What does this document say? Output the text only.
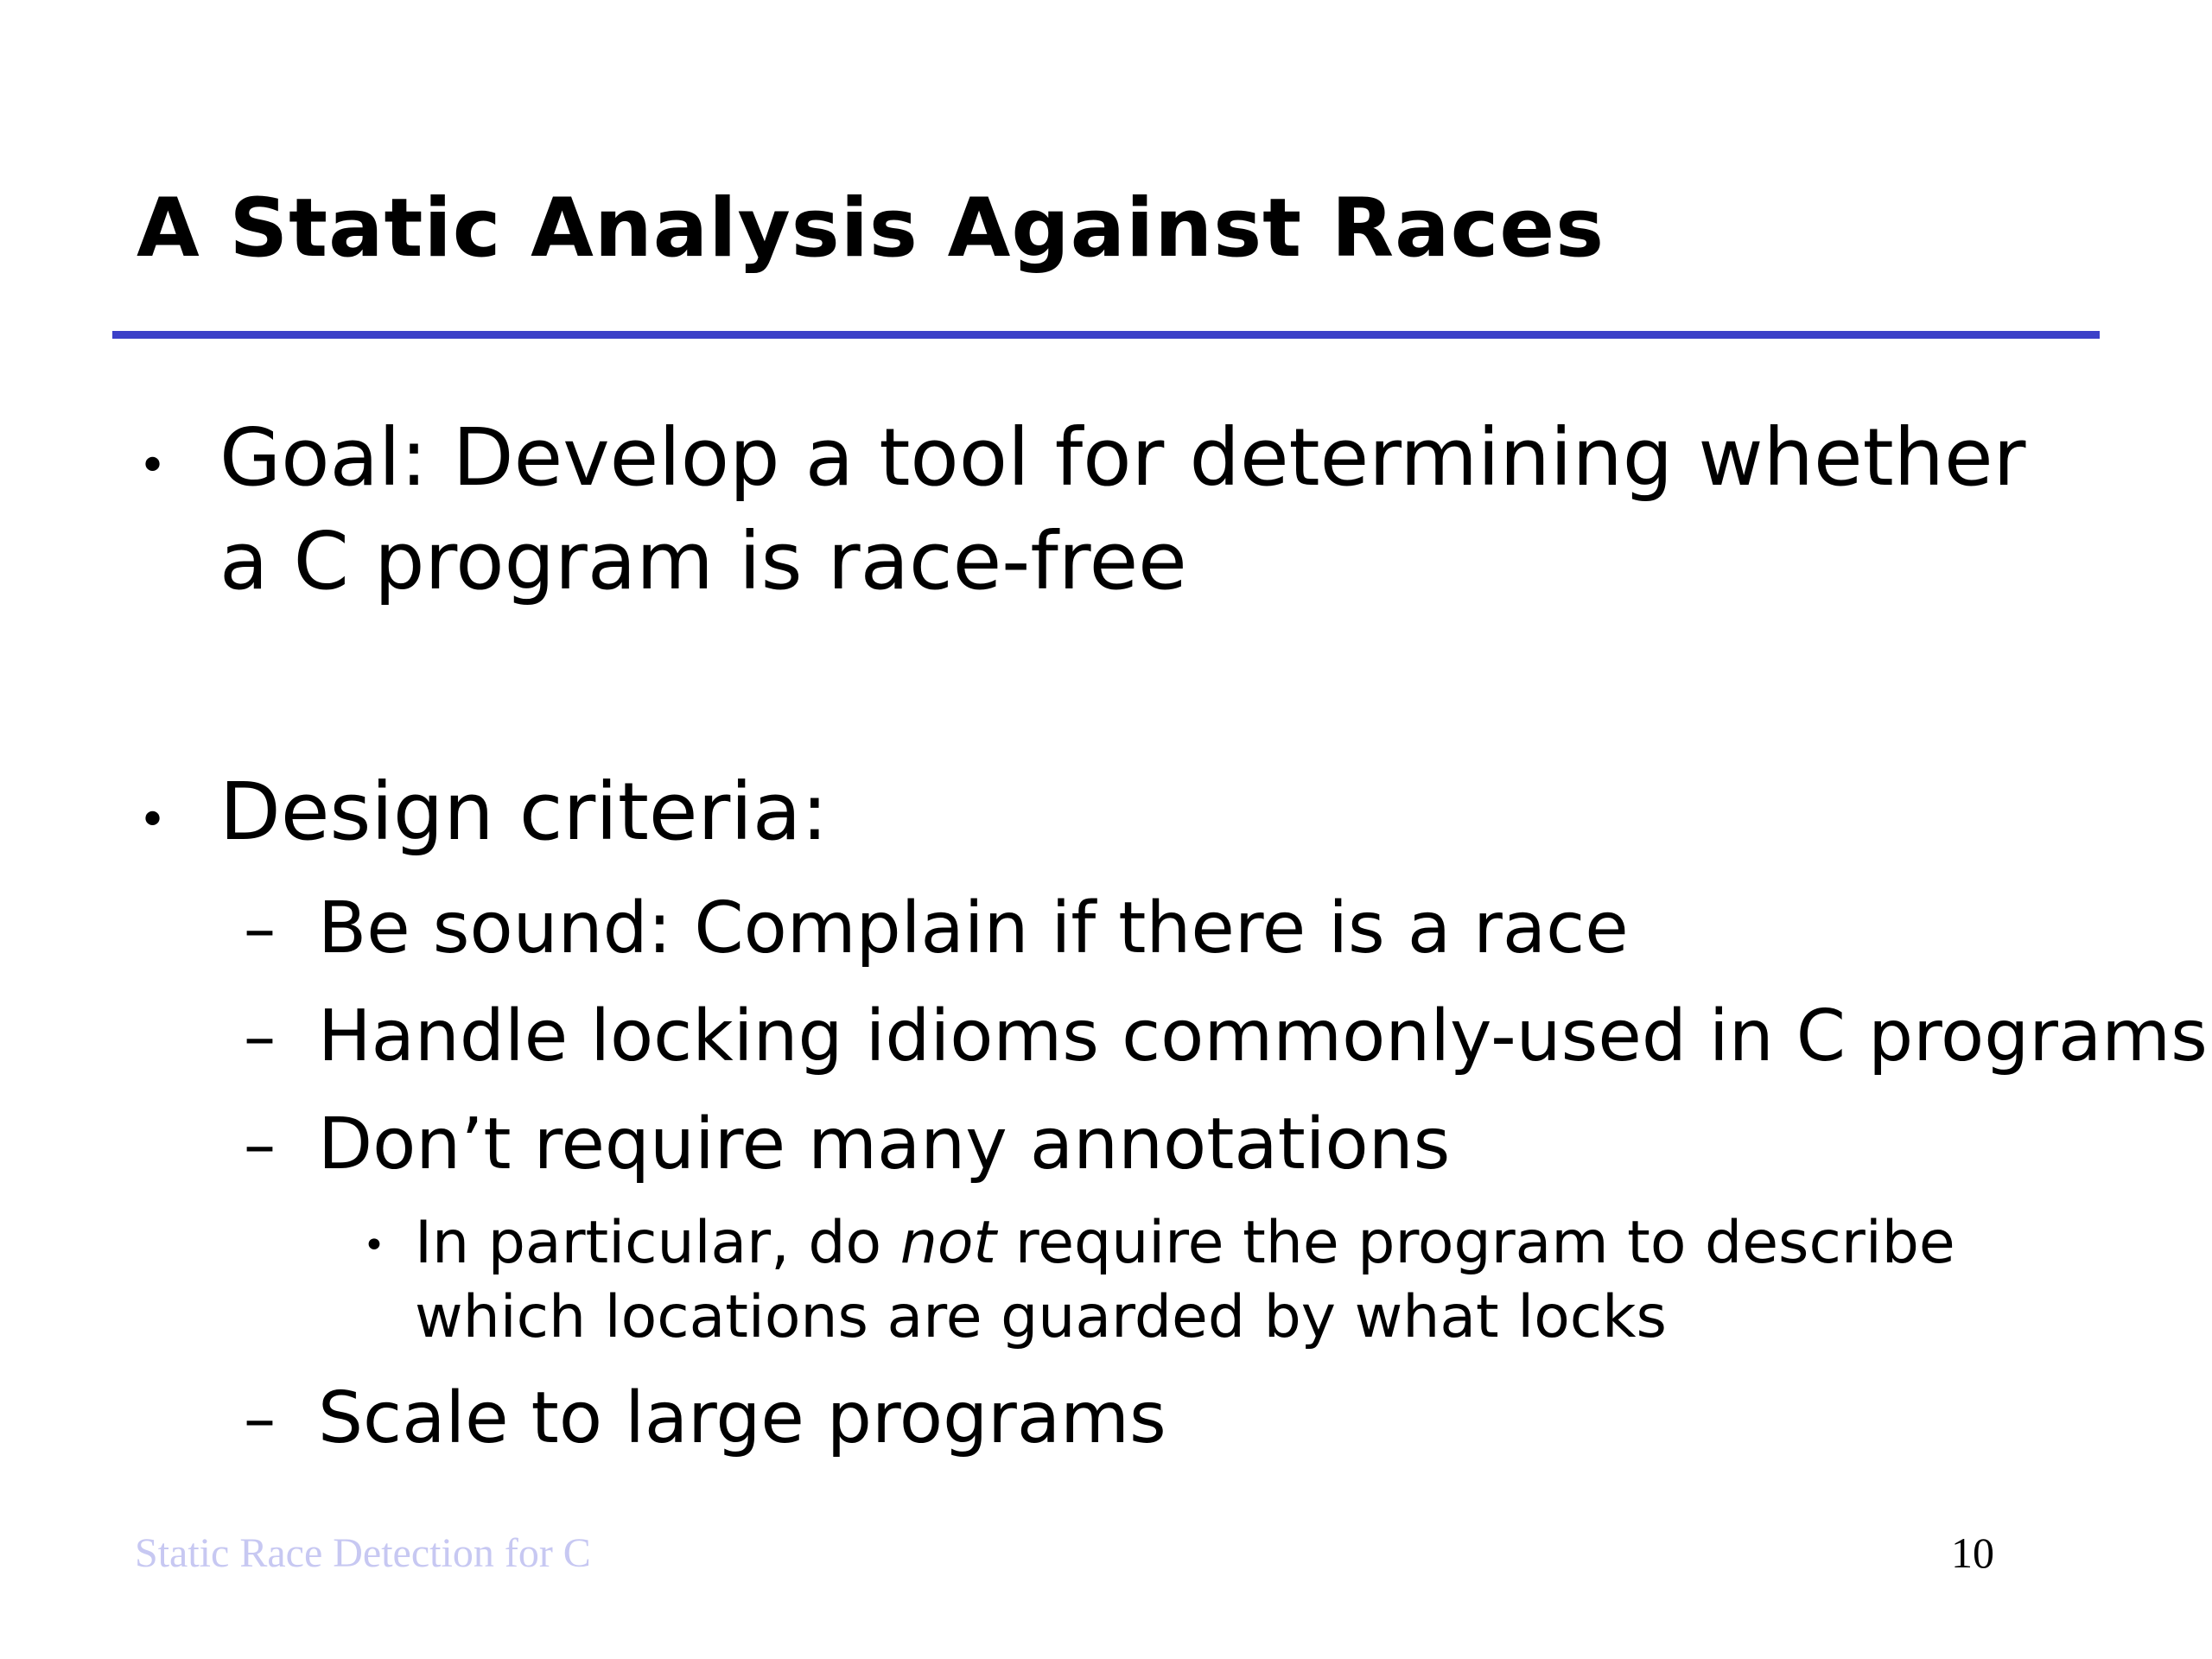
A Static Analysis Against Races
• Goal: Develop a tool for determining whether

a C program is race-free

• Design criteria:

– Be sound: Complain if there is a race

– Handle locking idioms commonly-used in C programs

– Don’t require many annotations

• In particular, do not require the program to describe

which locations are guarded by what locks

– Scale to large programs

Static Race Detection for C	10
